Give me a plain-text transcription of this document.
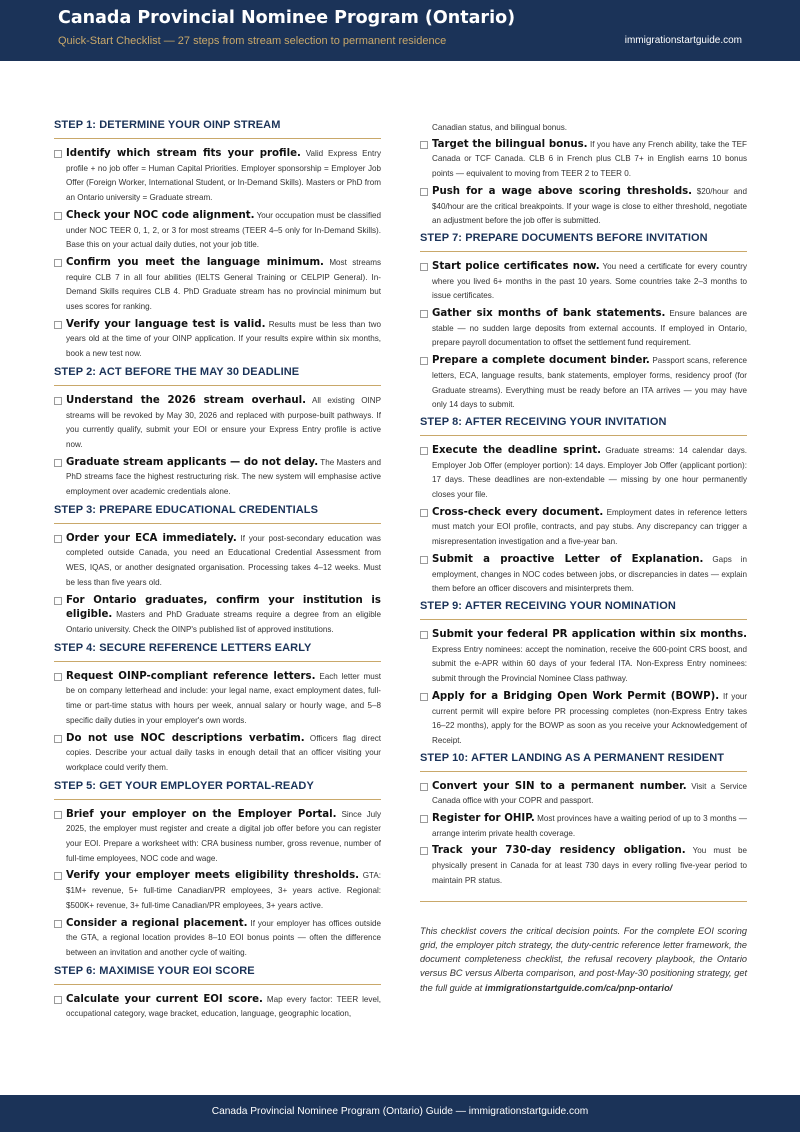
Canada Provincial Nominee Program (Ontario)
Quick-Start Checklist — 27 steps from stream selection to permanent residence	immigrationstartguide.com
STEP 1: DETERMINE YOUR OINP STREAM
Identify which stream fits your profile. Valid Express Entry profile + no job offer = Human Capital Priorities. Employer sponsorship = Employer Job Offer (Foreign Worker, International Student, or In-Demand Skills). Masters or PhD from an Ontario university = Graduate stream.
Check your NOC code alignment. Your occupation must be classified under NOC TEER 0, 1, 2, or 3 for most streams (TEER 4–5 only for In-Demand Skills). Base this on your actual daily duties, not your job title.
Confirm you meet the language minimum. Most streams require CLB 7 in all four abilities (IELTS General Training or CELPIP General). In-Demand Skills requires CLB 4. PhD Graduate stream has no provincial minimum but uses scores for ranking.
Verify your language test is valid. Results must be less than two years old at the time of your OINP application. If your results expire within six months, book a new test now.
STEP 2: ACT BEFORE THE MAY 30 DEADLINE
Understand the 2026 stream overhaul. All existing OINP streams will be revoked by May 30, 2026 and replaced with purpose-built pathways. If you currently qualify, submit your EOI or ensure your Express Entry profile is active now.
Graduate stream applicants — do not delay. The Masters and PhD streams face the highest restructuring risk. The new system will emphasise active employment over academic credentials alone.
STEP 3: PREPARE EDUCATIONAL CREDENTIALS
Order your ECA immediately. If your post-secondary education was completed outside Canada, you need an Educational Credential Assessment from WES, IQAS, or another designated organisation. Processing takes 4–12 weeks. Must be less than five years old.
For Ontario graduates, confirm your institution is eligible. Masters and PhD Graduate streams require a degree from an eligible Ontario university. Check the OINP's published list of approved institutions.
STEP 4: SECURE REFERENCE LETTERS EARLY
Request OINP-compliant reference letters. Each letter must be on company letterhead and include: your legal name, exact employment dates, full-time or part-time status with hours per week, annual salary or hourly wage, and 5–8 specific daily duties in your employer's own words.
Do not use NOC descriptions verbatim. Officers flag direct copies. Describe your actual daily tasks in enough detail that an officer visiting your workplace could verify them.
STEP 5: GET YOUR EMPLOYER PORTAL-READY
Brief your employer on the Employer Portal. Since July 2025, the employer must register and create a digital job offer before you can register your EOI. Prepare a worksheet with: CRA business number, gross revenue, number of full-time employees, NOC code and wage.
Verify your employer meets eligibility thresholds. GTA: $1M+ revenue, 5+ full-time Canadian/PR employees, 3+ years active. Regional: $500K+ revenue, 3+ full-time Canadian/PR employees, 3+ years active.
Consider a regional placement. If your employer has offices outside the GTA, a regional location provides 8–10 EOI bonus points — often the difference between an invitation and another cycle of waiting.
STEP 6: MAXIMISE YOUR EOI SCORE
Calculate your current EOI score. Map every factor: TEER level, occupational category, wage bracket, education, language, geographic location,
Canadian status, and bilingual bonus.
Target the bilingual bonus. If you have any French ability, take the TEF Canada or TCF Canada. CLB 6 in French plus CLB 7+ in English earns 10 bonus points — equivalent to moving from TEER 2 to TEER 0.
Push for a wage above scoring thresholds. $20/hour and $40/hour are the critical breakpoints. If your wage is close to either threshold, negotiate an adjustment before the job offer is submitted.
STEP 7: PREPARE DOCUMENTS BEFORE INVITATION
Start police certificates now. You need a certificate for every country where you lived 6+ months in the past 10 years. Some countries take 2–3 months to issue certificates.
Gather six months of bank statements. Ensure balances are stable — no sudden large deposits from external accounts. If employed in Ontario, prepare payroll documentation to offset the settlement fund requirement.
Prepare a complete document binder. Passport scans, reference letters, ECA, language results, bank statements, employer forms, residency proof (for Graduate streams). Everything must be ready before an ITA arrives — you may have only 14 days to submit.
STEP 8: AFTER RECEIVING YOUR INVITATION
Execute the deadline sprint. Graduate streams: 14 calendar days. Employer Job Offer (employer portion): 14 days. Employer Job Offer (applicant portion): 17 days. These deadlines are non-extendable — missing by one hour permanently closes your file.
Cross-check every document. Employment dates in reference letters must match your EOI profile, contracts, and pay stubs. Any discrepancy can trigger a misrepresentation investigation and a five-year ban.
Submit a proactive Letter of Explanation. Gaps in employment, changes in NOC codes between jobs, or discrepancies in dates — explain them before an officer discovers and misinterprets them.
STEP 9: AFTER RECEIVING YOUR NOMINATION
Submit your federal PR application within six months. Express Entry nominees: accept the nomination, receive the 600-point CRS boost, and submit the e-APR within 60 days of your federal ITA. Non-Express Entry nominees: submit through the Provincial Nominee Class pathway.
Apply for a Bridging Open Work Permit (BOWP). If your current permit will expire before PR processing completes (non-Express Entry takes 16–22 months), apply for the BOWP as soon as you receive your Acknowledgement of Receipt.
STEP 10: AFTER LANDING AS A PERMANENT RESIDENT
Convert your SIN to a permanent number. Visit a Service Canada office with your COPR and passport.
Register for OHIP. Most provinces have a waiting period of up to 3 months — arrange interim private health coverage.
Track your 730-day residency obligation. You must be physically present in Canada for at least 730 days in every rolling five-year period to maintain PR status.
This checklist covers the critical decision points. For the complete EOI scoring grid, the employer pitch strategy, the duty-centric reference letter framework, the document completeness checklist, the refusal recovery playbook, the Ontario versus BC versus Alberta comparison, and post-May-30 positioning strategy, get the full guide at immigrationstartguide.com/ca/pnp-ontario/
Canada Provincial Nominee Program (Ontario) Guide — immigrationstartguide.com
